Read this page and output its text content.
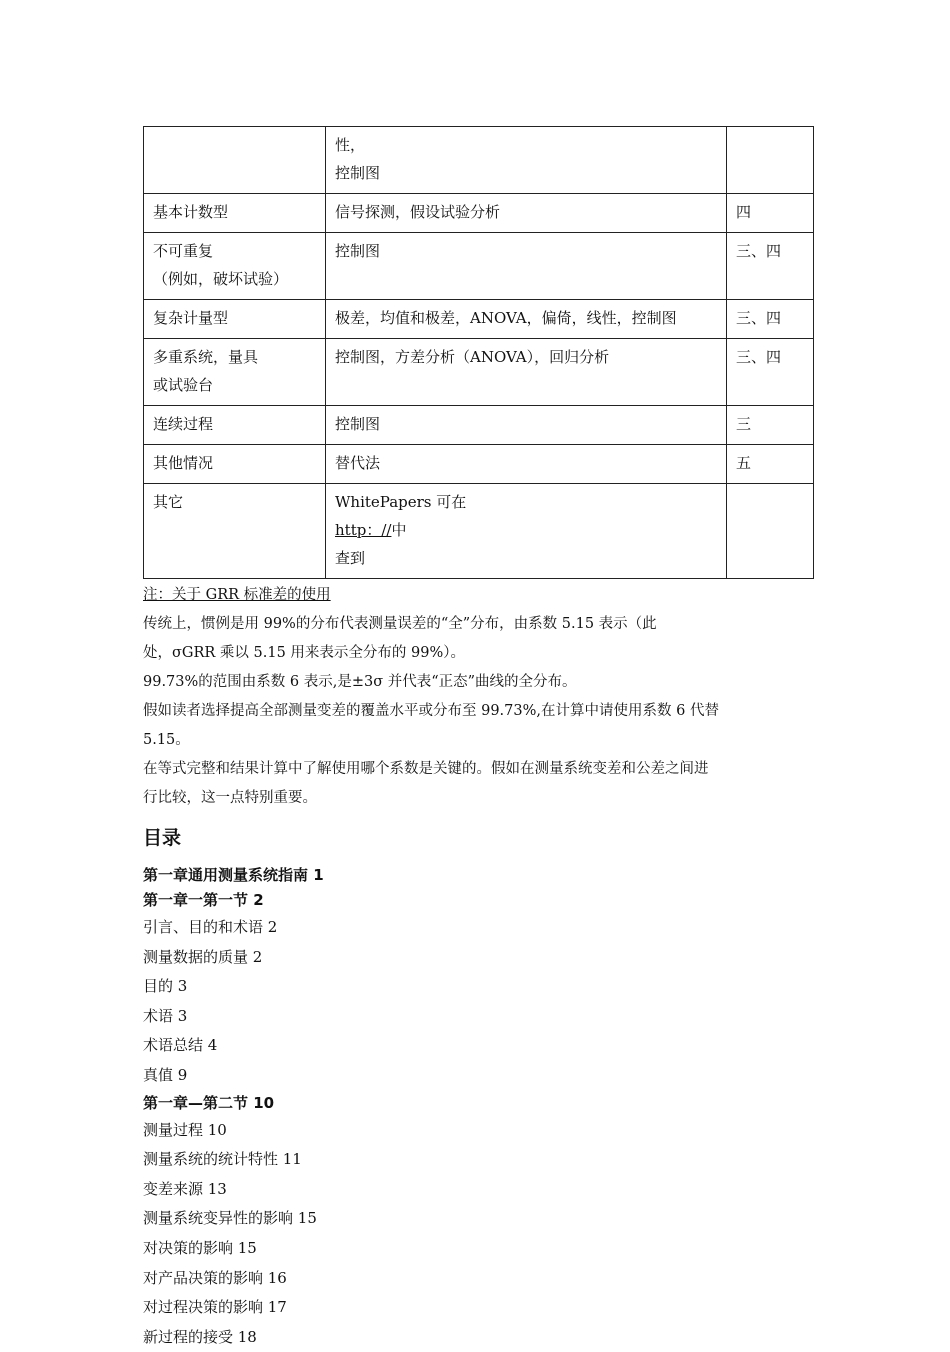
	性，
控制图	

基本计数型	信号探测，假设试验分析	四

不可重复
（例如，破坏试验）	控制图	三、四

复杂计量型	极差，均值和极差，ANOVA，偏倚，线性，控制图	三、四

多重系统，量具
或试验台	控制图，方差分析（ANOVA），回归分析	三、四

连续过程	控制图	三

其他情况	替代法	五

其它	WhitePapers 可在
http：//中
查到	

注：关于 GRR 标准差的使用

传统上，惯例是用 99%的分布代表测量误差的“全”分布，由系数 5.15 表示（此

处，σGRR 乘以 5.15 用来表示全分布的 99%）。

99.73%的范围由系数 6 表示,是±3σ 并代表“正态”曲线的全分布。

假如读者选择提高全部测量变差的覆盖水平或分布至 99.73%,在计算中请使用系数 6 代替

5.15。

在等式完整和结果计算中了解使用哪个系数是关键的。假如在测量系统变差和公差之间进

行比较，这一点特别重要。

目录
第一章通用测量系统指南 1
第一章一第一节 2
引言、目的和术语 2
测量数据的质量 2
目的 3
术语 3
术语总结 4
真值 9
第一章—第二节 10
测量过程 10
测量系统的统计特性 11
变差来源 13
测量系统变异性的影响 15
对决策的影响 15
对产品决策的影响 16
对过程决策的影响 17
新过程的接受 18
